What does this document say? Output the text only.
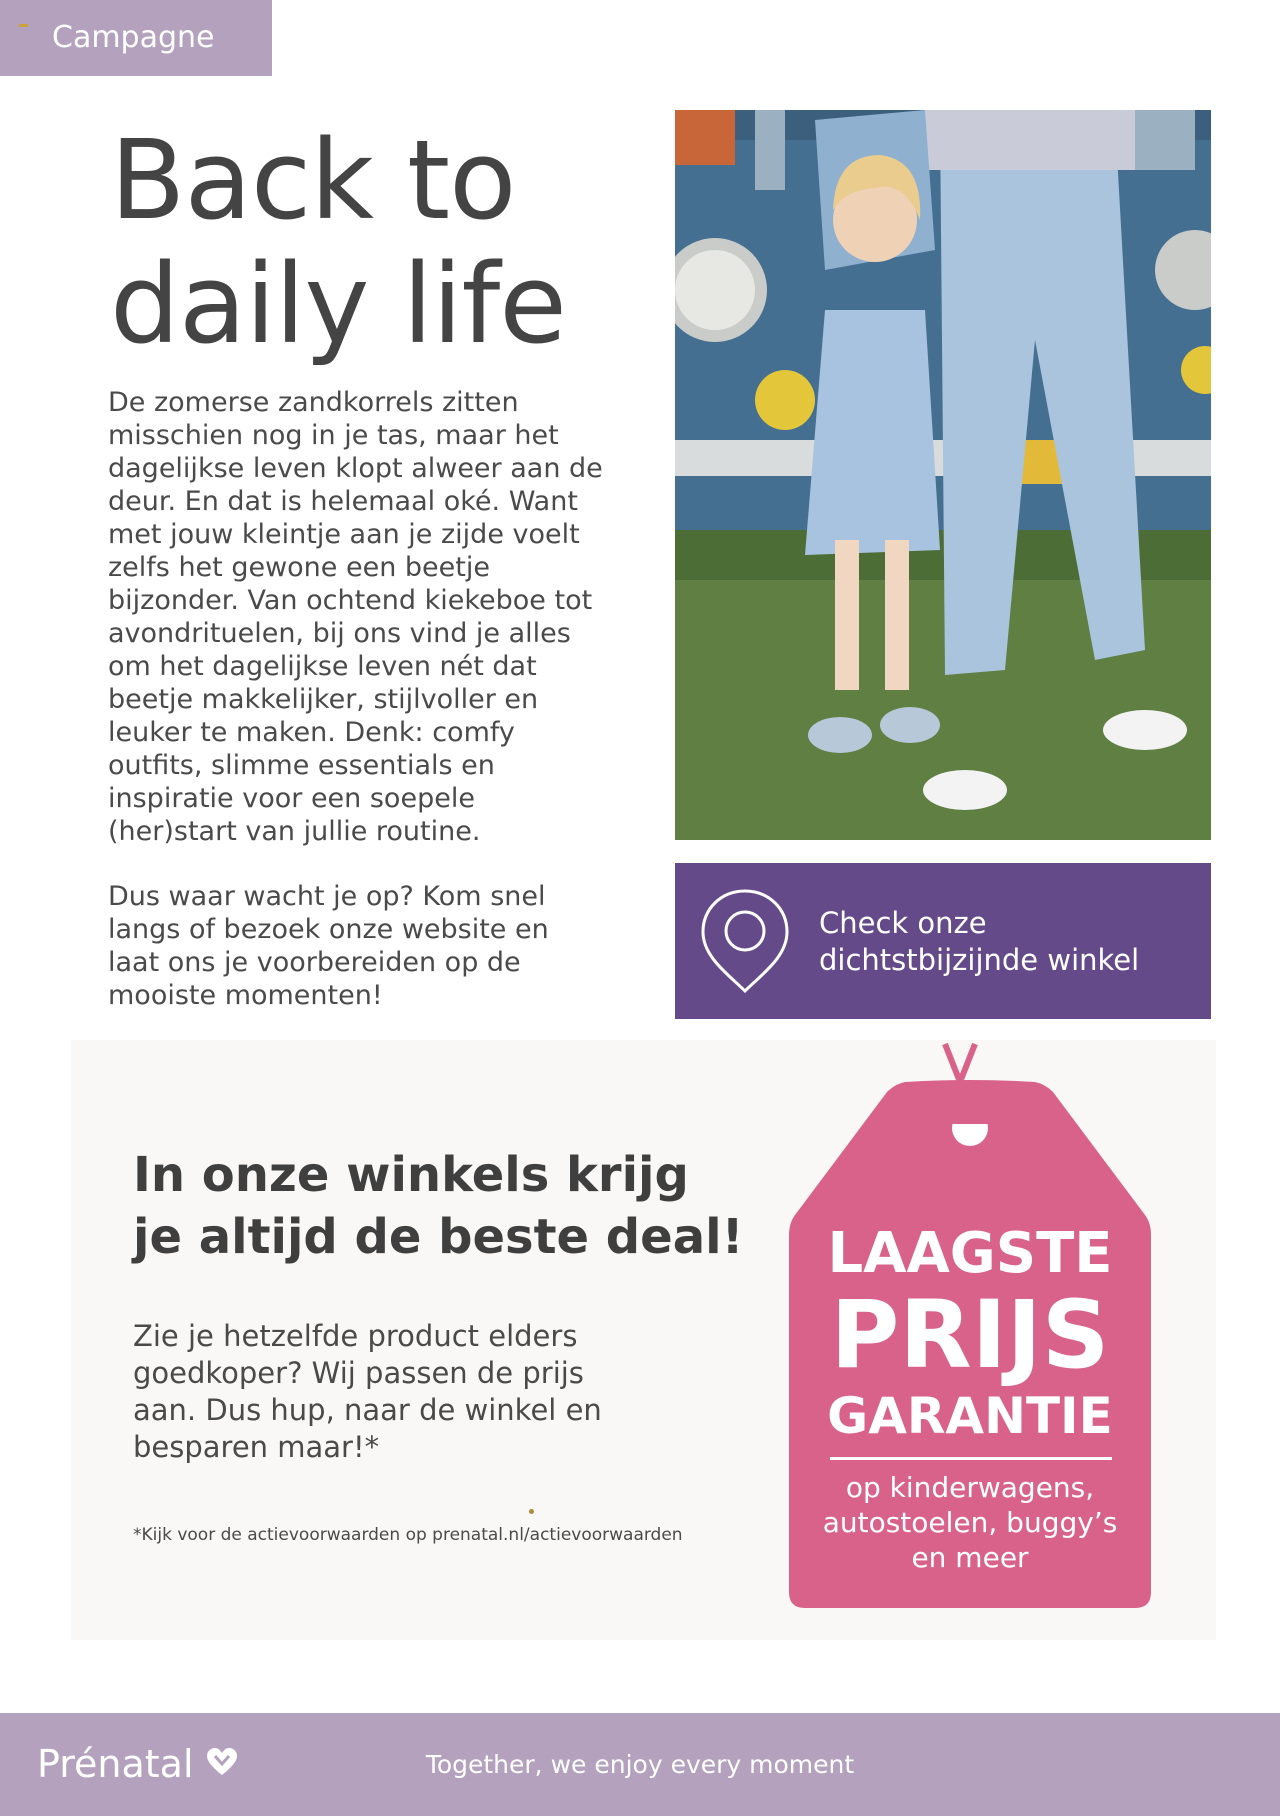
Campagne
Back to
daily life

De zomerse zandkorrels zitten misschien nog in je tas, maar het dagelijkse leven klopt alweer aan de deur. En dat is helemaal oké. Want met jouw kleintje aan je zijde voelt zelfs het gewone een beetje bijzonder. Van ochtend kiekeboe tot avondrituelen, bij ons vind je alles om het dagelijkse leven nét dat beetje makkelijker, stijlvoller en leuker te maken. Denk: comfy outfits, slimme essentials en inspiratie voor een soepele (her)start van jullie routine.

Dus waar wacht je op? Kom snel langs of bezoek onze website en laat ons je voorbereiden op de mooiste momenten!

Check onze
dichtstbijzijnde winkel
In onze winkels krijg
je altijd de beste deal!

Zie je hetzelfde product elders goedkoper? Wij passen de prijs aan. Dus hup, naar de winkel en besparen maar!*

*Kijk voor de actievoorwaarden op prenatal.nl/actievoorwaarden

LAAGSTE
PRIJS
GARANTIE
op kinderwagens,
autostoelen, buggy’s
en meer
Prénatal	Together, we enjoy every moment
